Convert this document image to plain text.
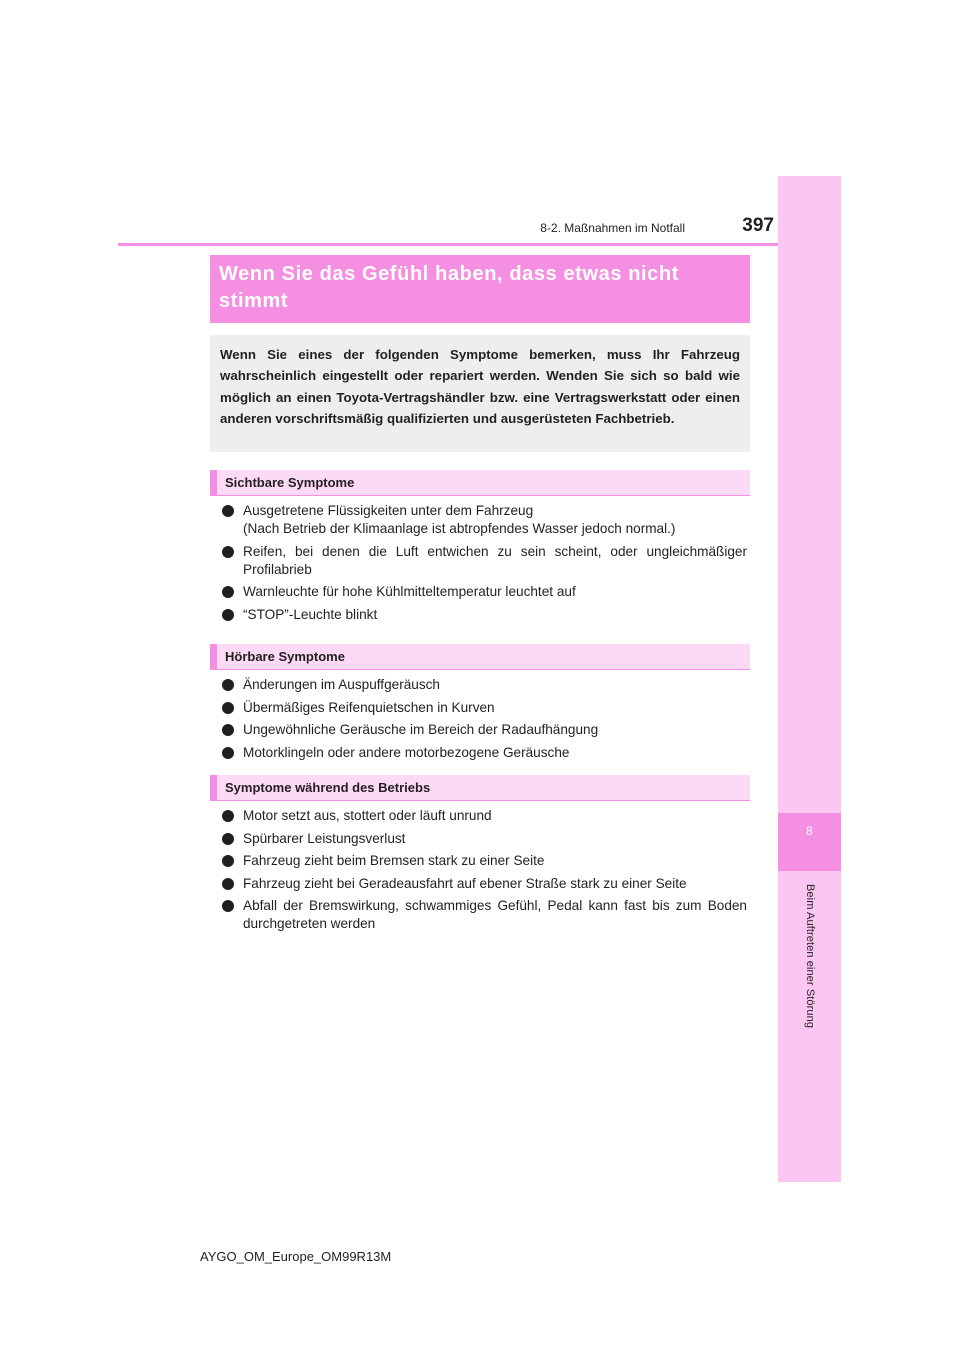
8
Beim Auftreten einer Störung
8-2. Maßnahmen im Notfall	397
Wenn Sie das Gefühl haben, dass etwas nicht stimmt

Wenn Sie eines der folgenden Symptome bemerken, muss Ihr Fahrzeug wahrscheinlich eingestellt oder repariert werden. Wenden Sie sich so bald wie möglich an einen Toyota-Vertragshändler bzw. eine Vertragswerkstatt oder einen anderen vorschriftsmäßig qualifizierten und ausgerüsteten Fachbetrieb.

Sichtbare Symptome
Ausgetretene Flüssigkeiten unter dem Fahrzeug
(Nach Betrieb der Klimaanlage ist abtropfendes Wasser jedoch normal.)
Reifen, bei denen die Luft entwichen zu sein scheint, oder ungleichmäßiger Profilabrieb
Warnleuchte für hohe Kühlmitteltemperatur leuchtet auf
“STOP”-Leuchte blinkt
Hörbare Symptome
Änderungen im Auspuffgeräusch
Übermäßiges Reifenquietschen in Kurven
Ungewöhnliche Geräusche im Bereich der Radaufhängung
Motorklingeln oder andere motorbezogene Geräusche
Symptome während des Betriebs
Motor setzt aus, stottert oder läuft unrund
Spürbarer Leistungsverlust
Fahrzeug zieht beim Bremsen stark zu einer Seite
Fahrzeug zieht bei Geradeausfahrt auf ebener Straße stark zu einer Seite
Abfall der Bremswirkung, schwammiges Gefühl, Pedal kann fast bis zum Boden durchgetreten werden
AYGO_OM_Europe_OM99R13M
